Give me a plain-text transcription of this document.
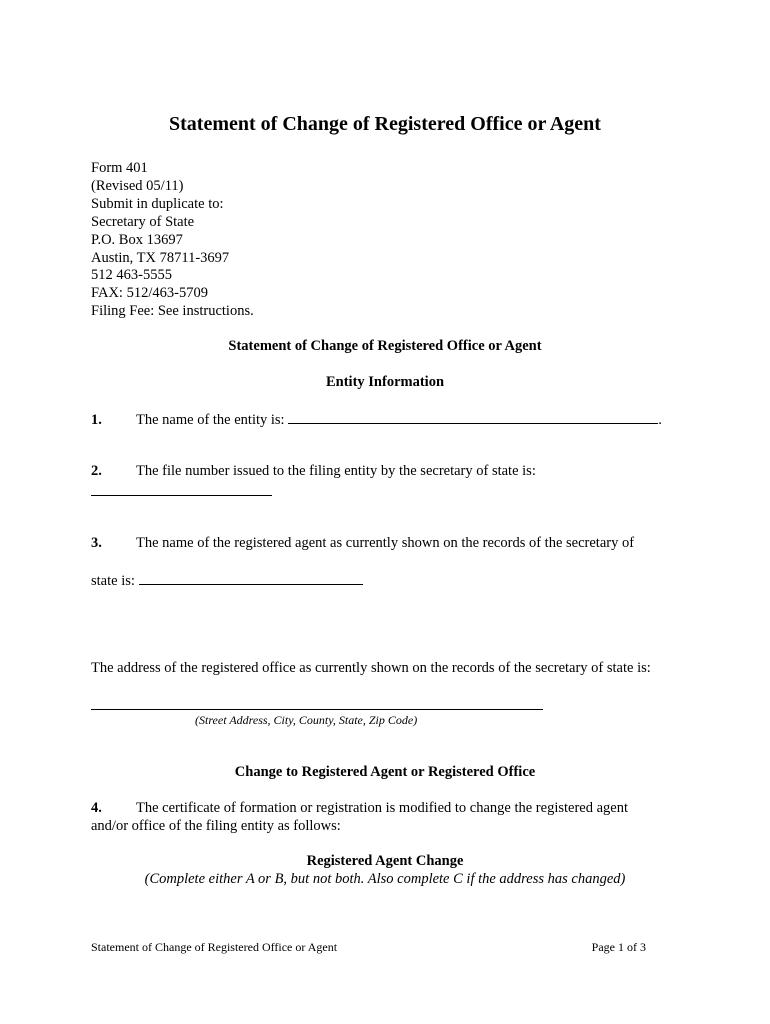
Statement of Change of Registered Office or Agent
Form 401
(Revised 05/11)
Submit in duplicate to:
Secretary of State
P.O. Box 13697
Austin, TX 78711-3697
512 463-5555
FAX: 512/463-5709
Filing Fee: See instructions.
Statement of Change of Registered Office or Agent
Entity Information
1. The name of the entity is:	.
2. The file number issued to the filing entity by the secretary of state is:
3. The name of the registered agent as currently shown on the records of the secretary of
state is:
The address of the registered office as currently shown on the records of the secretary of state is:
(Street Address, City, County, State, Zip Code)
Change to Registered Agent or Registered Office
4. The certificate of formation or registration is modified to change the registered agent
and/or office of the filing entity as follows:
Registered Agent Change
(Complete either A or B, but not both. Also complete C if the address has changed)
Statement of Change of Registered Office or Agent	Page 1 of 3
